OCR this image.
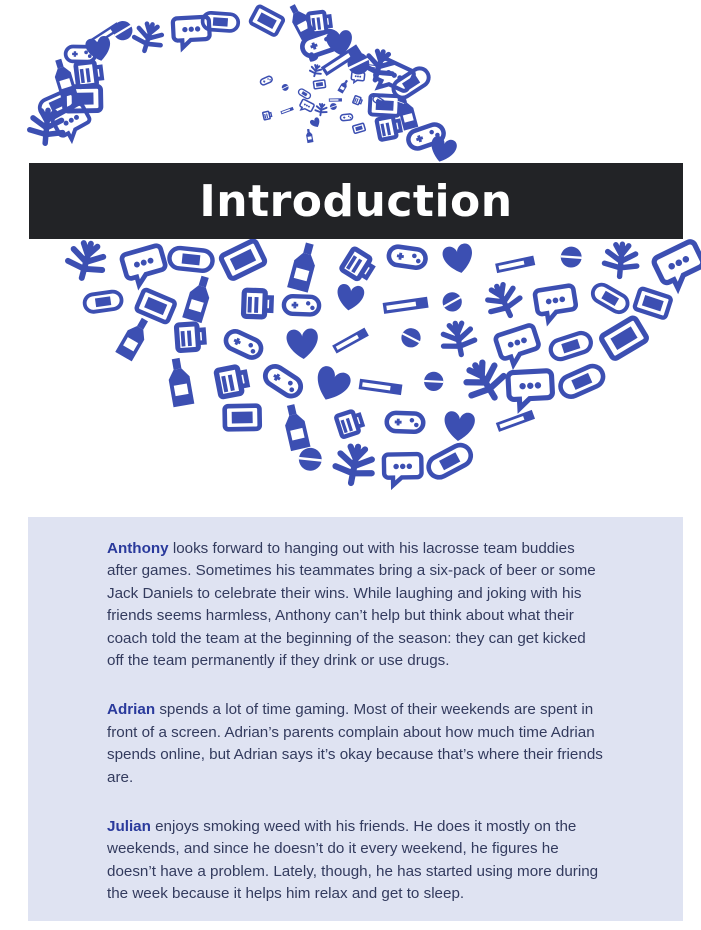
Introduction

Anthony looks forward to hanging out with his lacrosse team buddies after games. Sometimes his teammates bring a six-pack of beer or some Jack Daniels to celebrate their wins. While laughing and joking with his friends seems harmless, Anthony can’t help but think about what their coach told the team at the beginning of the season: they can get kicked off the team permanently if they drink or use drugs.

Adrian spends a lot of time gaming. Most of their weekends are spent in front of a screen. Adrian’s parents complain about how much time Adrian spends online, but Adrian says it’s okay because that’s where their friends are.

Julian enjoys smoking weed with his friends. He does it mostly on the weekends, and since he doesn’t do it every weekend, he figures he doesn’t have a problem. Lately, though, he has started using more during the week because it helps him relax and get to sleep.
